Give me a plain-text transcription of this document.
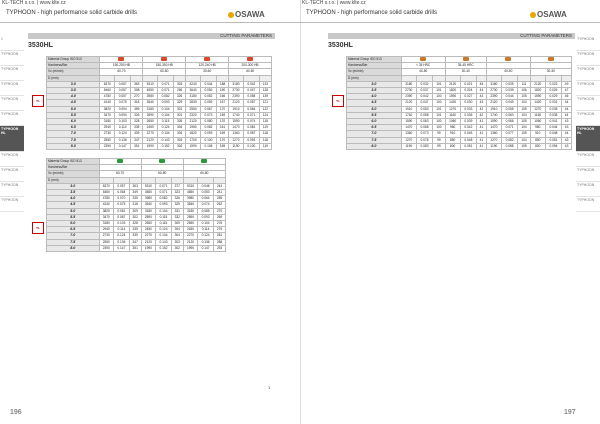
KL-TECH s.r.o. | www.klte.cz
TYPHOON - high performance solid carbide drills	OSAWA
CUTTING PARAMETERS
3530HL
1
TYPHOON
TYPHOON
TYPHOON
TYPHOON
TYPHOON
TYPHOON HL
TYPHOON
TYPHOON
TYPHOON
TYPHOON
TL
TL
Material Group ISO 513												
Hardness/Ber	150-250 HB			150-350 HB			120-240 HB			200-300 HB		
Vc (m/min)	60-70			60-80			30-60			40-50		
D (mm)												
3.0	6370	0.057	363	5310	0.071	303	4240	0.044	188	3180	0.042	133
3.5	5460	0.057	308	4550	0.071	256	3640	0.052	190	2730	0.047	128
4.0	4780	0.057	270	3980	0.082	326	3180	0.052	166	2390	0.058	139
4.5	4240	0.075	318	3540	0.093	329	2830	0.059	167	2120	0.057	121
5.0	3820	0.094	359	3180	0.104	331	2550	0.067	170	1910	0.064	122
5.5	3470	0.094	326	2890	0.104	301	2320	0.073	169	1740	0.071	124
6.0	3180	0.103	328	2650	0.115	305	2120	0.080	170	1590	0.074	118
6.5	2940	0.114	335	2450	0.124	304	1960	0.082	161	1470	0.081	119
7.0	2730	0.124	339	2270	0.134	304	1820	0.093	169	1360	0.087	118
7.5	2550	0.136	347	2120	0.143	303	1700	0.100	170	1270	0.093	118
8.0	2390	0.147	351	1990	0.152	302	1590	0.106	169	1190	0.100	119
Material Group ISO 513									
Hardness/Ber									
Vc (m/min)	60-70			60-80			60-80		
D (mm)									
3.0	6370	0.057	363	5310	0.071	377	5310	0.046	244
3.5	5460	0.064	349	4550	0.071	323	4550	0.053	241
4.0	4780	0.070	335	3980	0.082	326	3980	0.064	255
4.5	4240	0.075	318	3540	0.093	329	3540	0.074	262
5.0	3820	0.081	309	3180	0.104	331	3180	0.085	270
5.5	3470	0.087	302	2890	0.115	332	2890	0.093	269
6.0	3180	0.103	328	2650	0.115	305	2650	0.104	276
6.5	2940	0.114	335	2450	0.124	304	2450	0.114	279
7.0	2730	0.124	339	2270	0.134	304	2270	0.124	281
7.5	2550	0.136	347	2120	0.143	303	2120	0.136	288
8.0	2390	0.147	351	1990	0.152	302	1990	0.147	293
1
196
KL-TECH s.r.o. | www.klte.cz
TYPHOON - high performance solid carbide drills	OSAWA
CUTTING PARAMETERS
3530HL
TYPHOON
TYPHOON
TYPHOON
TYPHOON
TYPHOON
TYPHOON
TYPHOON HL
TYPHOON
TYPHOON
TYPHOON
TYPHOON
TL
Material Group ISO 513												
Hardness/Ber	< 35 HRC			35-45 HRC								
Vc (m/min)	40-50			30-40			40-50			30-40		
D (mm)												
3.0	3180	0.032	101	2120	0.021	45	3180	0.035	111	2120	0.023	49
3.5	2730	0.037	101	1820	0.024	44	2730	0.039	106	1820	0.026	47
4.0	2390	0.042	100	1590	0.027	43	2390	0.044	105	1590	0.029	46
4.5	2120	0.047	100	1420	0.030	43	2120	0.049	104	1420	0.031	44
5.0	1910	0.053	101	1270	0.033	42	1910	0.055	105	1270	0.035	44
5.5	1740	0.058	101	1160	0.036	42	1740	0.060	104	1160	0.038	44
6.0	1590	0.063	100	1060	0.039	41	1590	0.066	105	1060	0.041	43
6.5	1470	0.068	100	980	0.042	41	1470	0.071	104	980	0.044	43
7.0	1360	0.073	99	910	0.045	41	1360	0.077	105	910	0.048	44
7.5	1270	0.078	99	850	0.048	41	1270	0.082	104	850	0.051	43
8.0	1190	0.083	99	800	0.051	41	1190	0.088	105	800	0.054	43
197
